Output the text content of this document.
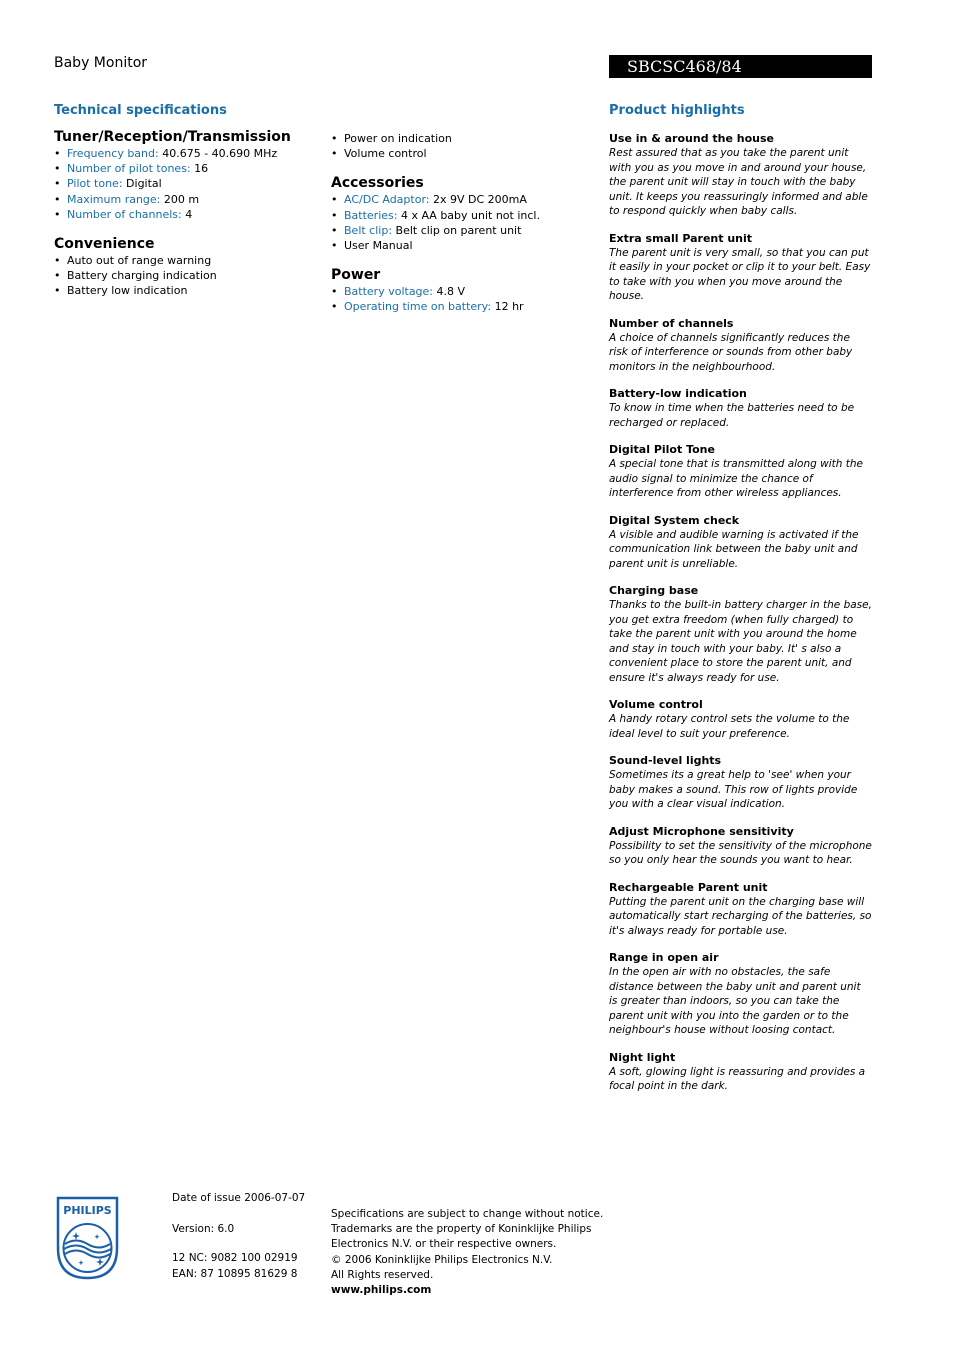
Baby Monitor	SBCSC468/84
Technical specifications
Tuner/Reception/Transmission
• Frequency band: 40.675 - 40.690 MHz
• Number of pilot tones: 16
• Pilot tone: Digital
• Maximum range: 200 m
• Number of channels: 4
Convenience
• Auto out of range warning
• Battery charging indication
• Battery low indication
• Power on indication
• Volume control
Accessories
• AC/DC Adaptor: 2x 9V DC 200mA
• Batteries: 4 x AA baby unit not incl.
• Belt clip: Belt clip on parent unit
• User Manual
Power
• Battery voltage: 4.8 V
• Operating time on battery: 12 hr
Product highlights
Use in & around the house
Rest assured that as you take the parent unit with you as you move in and around your house, the parent unit will stay in touch with the baby unit. It keeps you reassuringly informed and able to respond quickly when baby calls.
Extra small Parent unit
The parent unit is very small, so that you can put it easily in your pocket or clip it to your belt. Easy to take with you when you move around the house.
Number of channels
A choice of channels significantly reduces the risk of interference or sounds from other baby monitors in the neighbourhood.
Battery-low indication
To know in time when the batteries need to be recharged or replaced.
Digital Pilot Tone
A special tone that is transmitted along with the audio signal to minimize the chance of interference from other wireless appliances.
Digital System check
A visible and audible warning is activated if the communication link between the baby unit and parent unit is unreliable.
Charging base
Thanks to the built-in battery charger in the base, you get extra freedom (when fully charged) to take the parent unit with you around the home and stay in touch with your baby. It' s also a convenient place to store the parent unit, and ensure it's always ready for use.
Volume control
A handy rotary control sets the volume to the ideal level to suit your preference.
Sound-level lights
Sometimes its a great help to 'see' when your baby makes a sound. This row of lights provide you with a clear visual indication.
Adjust Microphone sensitivity
Possibility to set the sensitivity of the microphone so you only hear the sounds you want to hear.
Rechargeable Parent unit
Putting the parent unit on the charging base will automatically start recharging of the batteries, so it's always ready for portable use.
Range in open air
In the open air with no obstacles, the safe distance between the baby unit and parent unit is greater than indoors, so you can take the parent unit with you into the garden or to the neighbour's house without loosing contact.
Night light
A soft, glowing light is reassuring and provides a focal point in the dark.
PHILIPS
Date of issue 2006-07-07
Version: 6.0
12 NC: 9082 100 02919
EAN: 87 10895 81629 8
Specifications are subject to change without notice.
Trademarks are the property of Koninklijke Philips
Electronics N.V. or their respective owners.
© 2006 Koninklijke Philips Electronics N.V.
All Rights reserved.
www.philips.com
